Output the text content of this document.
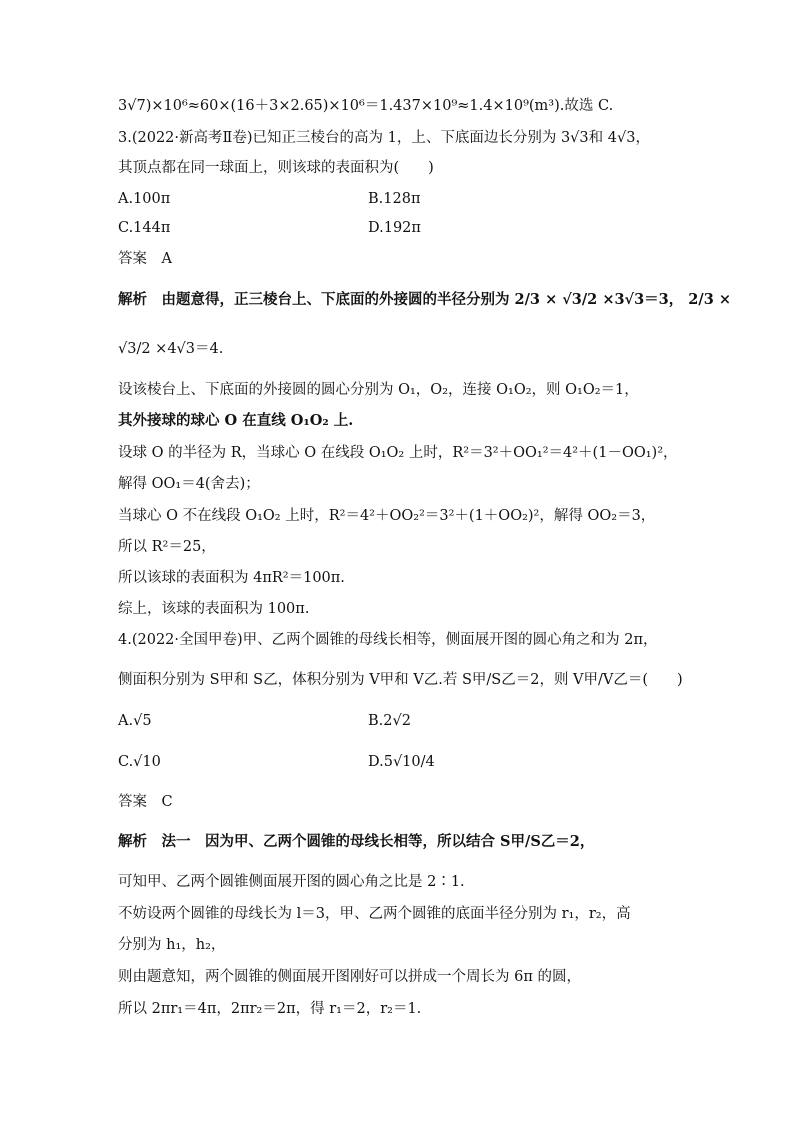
3√7)×10⁶≈60×(16＋3×2.65)×10⁶＝1.437×10⁹≈1.4×10⁹(m³).故选 C.
3.(2022·新高考Ⅱ卷)已知正三棱台的高为 1，上、下底面边长分别为 3√3和 4√3，
其顶点都在同一球面上，则该球的表面积为(　　)
A.100π	B.128π
C.144π	D.192π
答案　A
解析　由题意得，正三棱台上、下底面的外接圆的半径分别为 2/3 × √3/2 ×3√3＝3， 2/3 ×
√3/2 ×4√3＝4.
设该棱台上、下底面的外接圆的圆心分别为 O₁，O₂，连接 O₁O₂，则 O₁O₂＝1，
其外接球的球心 O 在直线 O₁O₂ 上.
设球 O 的半径为 R，当球心 O 在线段 O₁O₂ 上时，R²＝3²＋OO₁²＝4²＋(1－OO₁)²，
解得 OO₁＝4(舍去)；
当球心 O 不在线段 O₁O₂ 上时，R²＝4²＋OO₂²＝3²＋(1＋OO₂)²，解得 OO₂＝3，
所以 R²＝25，
所以该球的表面积为 4πR²＝100π.
综上，该球的表面积为 100π.
4.(2022·全国甲卷)甲、乙两个圆锥的母线长相等，侧面展开图的圆心角之和为 2π，
侧面积分别为 S甲和 S乙，体积分别为 V甲和 V乙.若 S甲/S乙＝2，则 V甲/V乙＝(　　)
A.√5	B.2√2
C.√10	D.5√10/4
答案　C
解析　法一　因为甲、乙两个圆锥的母线长相等，所以结合 S甲/S乙＝2，
可知甲、乙两个圆锥侧面展开图的圆心角之比是 2∶1.
不妨设两个圆锥的母线长为 l＝3，甲、乙两个圆锥的底面半径分别为 r₁，r₂，高
分别为 h₁，h₂，
则由题意知，两个圆锥的侧面展开图刚好可以拼成一个周长为 6π 的圆，
所以 2πr₁＝4π，2πr₂＝2π，得 r₁＝2，r₂＝1.
